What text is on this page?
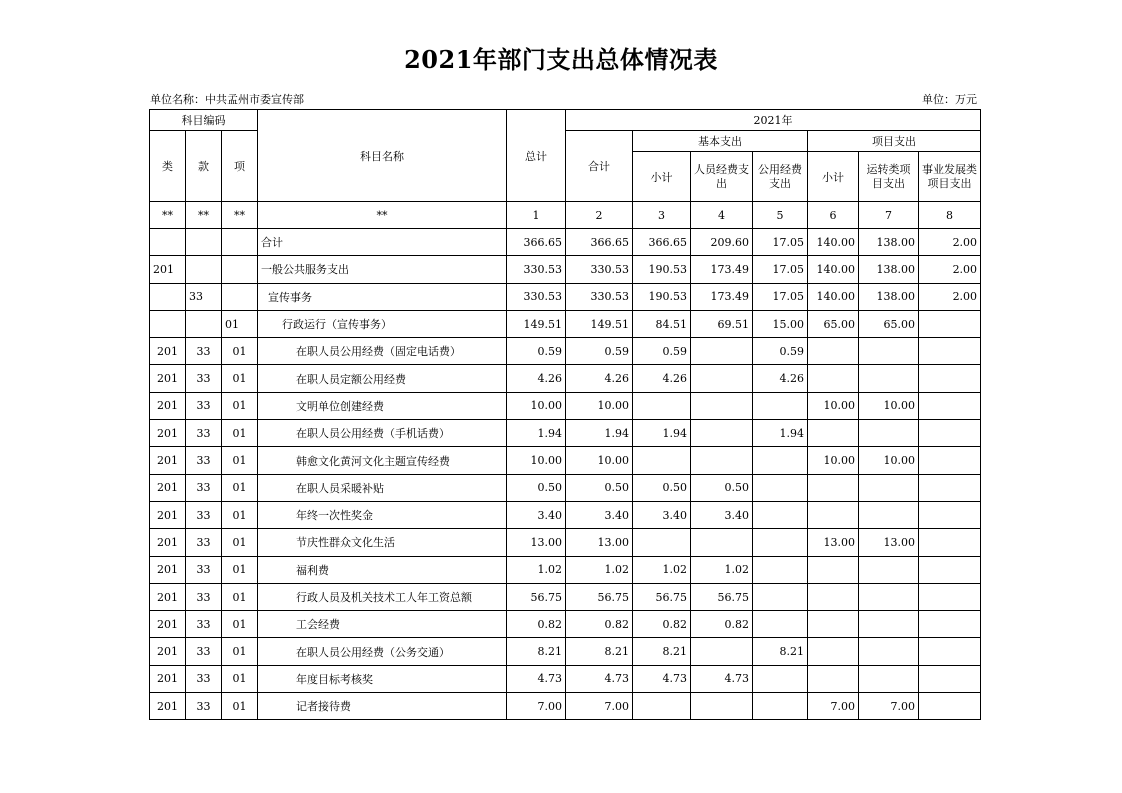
2021年部门支出总体情况表
单位名称：中共孟州市委宣传部	单位：万元
科目编码			科目名称	总计	2021年						
类	款	项			合计	基本支出			项目支出		
						小计	人员经费支出	公用经费支出	小计	运转类项目支出	事业发展类项目支出
**	**	**	**	1	2	3	4	5	6	7	8
			合计	366.65	366.65	366.65	209.60	17.05	140.00	138.00	2.00
201			一般公共服务支出	330.53	330.53	190.53	173.49	17.05	140.00	138.00	2.00
	33		宣传事务	330.53	330.53	190.53	173.49	17.05	140.00	138.00	2.00
		01	行政运行（宣传事务）	149.51	149.51	84.51	69.51	15.00	65.00	65.00	
201	33	01	在职人员公用经费（固定电话费）	0.59	0.59	0.59		0.59			
201	33	01	在职人员定额公用经费	4.26	4.26	4.26		4.26			
201	33	01	文明单位创建经费	10.00	10.00				10.00	10.00	
201	33	01	在职人员公用经费（手机话费）	1.94	1.94	1.94		1.94			
201	33	01	韩愈文化黄河文化主题宣传经费	10.00	10.00				10.00	10.00	
201	33	01	在职人员采暖补贴	0.50	0.50	0.50	0.50				
201	33	01	年终一次性奖金	3.40	3.40	3.40	3.40				
201	33	01	节庆性群众文化生活	13.00	13.00				13.00	13.00	
201	33	01	福利费	1.02	1.02	1.02	1.02				
201	33	01	行政人员及机关技术工人年工资总额	56.75	56.75	56.75	56.75				
201	33	01	工会经费	0.82	0.82	0.82	0.82				
201	33	01	在职人员公用经费（公务交通）	8.21	8.21	8.21		8.21			
201	33	01	年度目标考核奖	4.73	4.73	4.73	4.73				
201	33	01	记者接待费	7.00	7.00				7.00	7.00	
